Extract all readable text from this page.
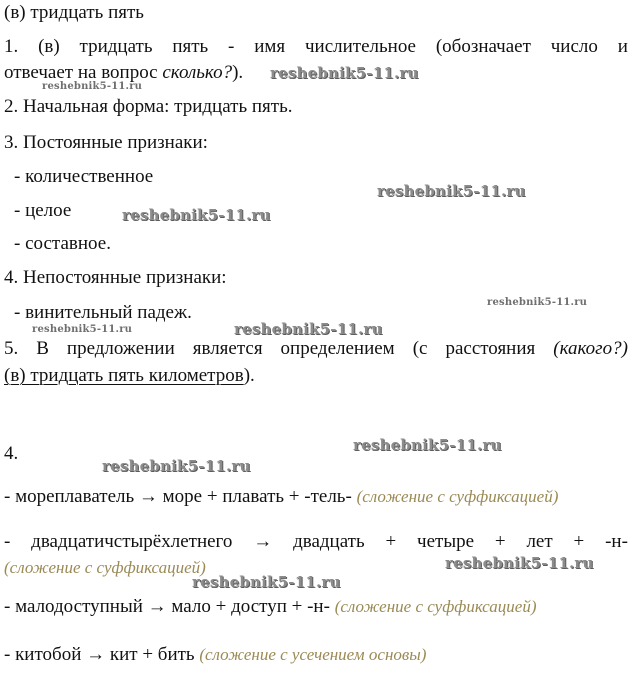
(в) тридцать пять
1. (в) тридцать пять - имя числительное (обозначает число и
отвечает на вопрос сколько?).
2. Начальная форма: тридцать пять.
3. Постоянные признаки:
- количественное
- целое
- составное.
4. Непостоянные признаки:
- винительный падеж.
5. В предложении является определением (с расстояния (какого?)
(в) тридцать пять километров).
4.
- мореплаватель → море + плавать + -тель- (сложение с суффиксацией)
- двадцатичстырёхлетнего → двадцать + четыре + лет + -н-
(сложение с суффиксацией)
- малодоступный → мало + доступ + -н- (сложение с суффиксацией)
- китобой → кит + бить (сложение с усечением основы)
reshebnik5-11.ru
reshebnik5-11.ru
reshebnik5-11.ru
reshebnik5-11.ru
reshebnik5-11.ru
reshebnik5-11.ru	reshebnik5-11.ru
reshebnik5-11.ru
reshebnik5-11.ru
reshebnik5-11.ru
reshebnik5-11.ru
